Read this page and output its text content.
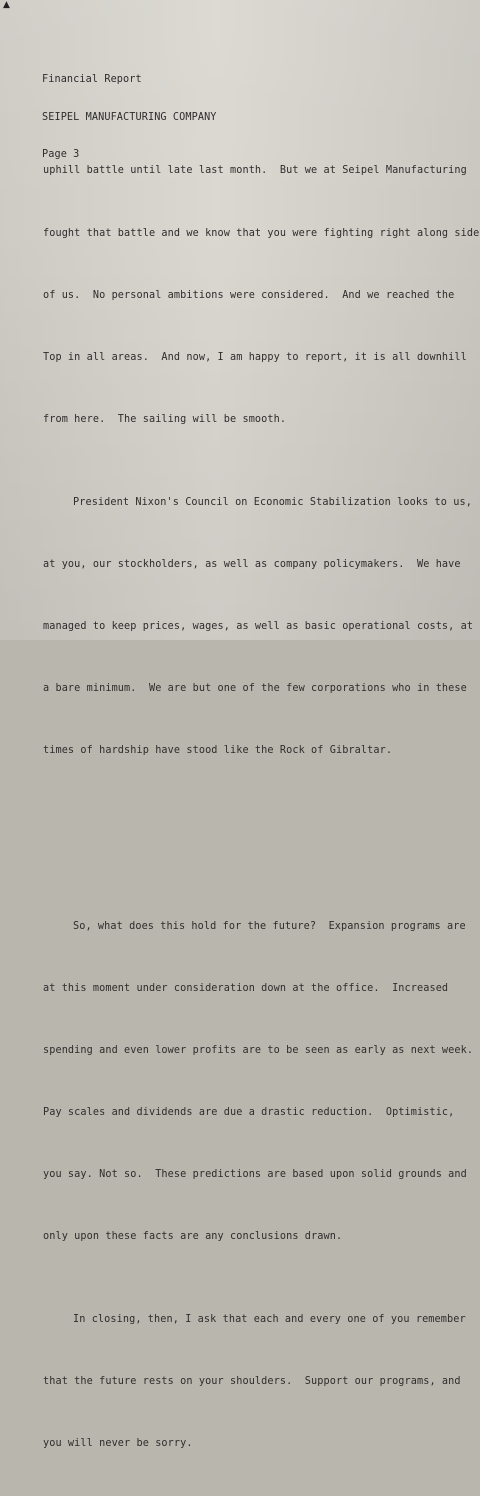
▲

Financial Report

SEIPEL MANUFACTURING COMPANY

Page 3

uphill battle until late last month.  But we at Seipel Manufacturing

fought that battle and we know that you were fighting right along side

of us.  No personal ambitions were considered.  And we reached the

Top in all areas.  And now, I am happy to report, it is all downhill

from here.  The sailing will be smooth.

President Nixon's Council on Economic Stabilization looks to us,

at you, our stockholders, as well as company policymakers.  We have

managed to keep prices, wages, as well as basic operational costs, at

a bare minimum.  We are but one of the few corporations who in these

times of hardship have stood like the Rock of Gibraltar.

So, what does this hold for the future?  Expansion programs are

at this moment under consideration down at the office.  Increased

spending and even lower profits are to be seen as early as next week.

Pay scales and dividends are due a drastic reduction.  Optimistic,

you say. Not so.  These predictions are based upon solid grounds and

only upon these facts are any conclusions drawn.

In closing, then, I ask that each and every one of you remember

that the future rests on your shoulders.  Support our programs, and

you will never be sorry.
